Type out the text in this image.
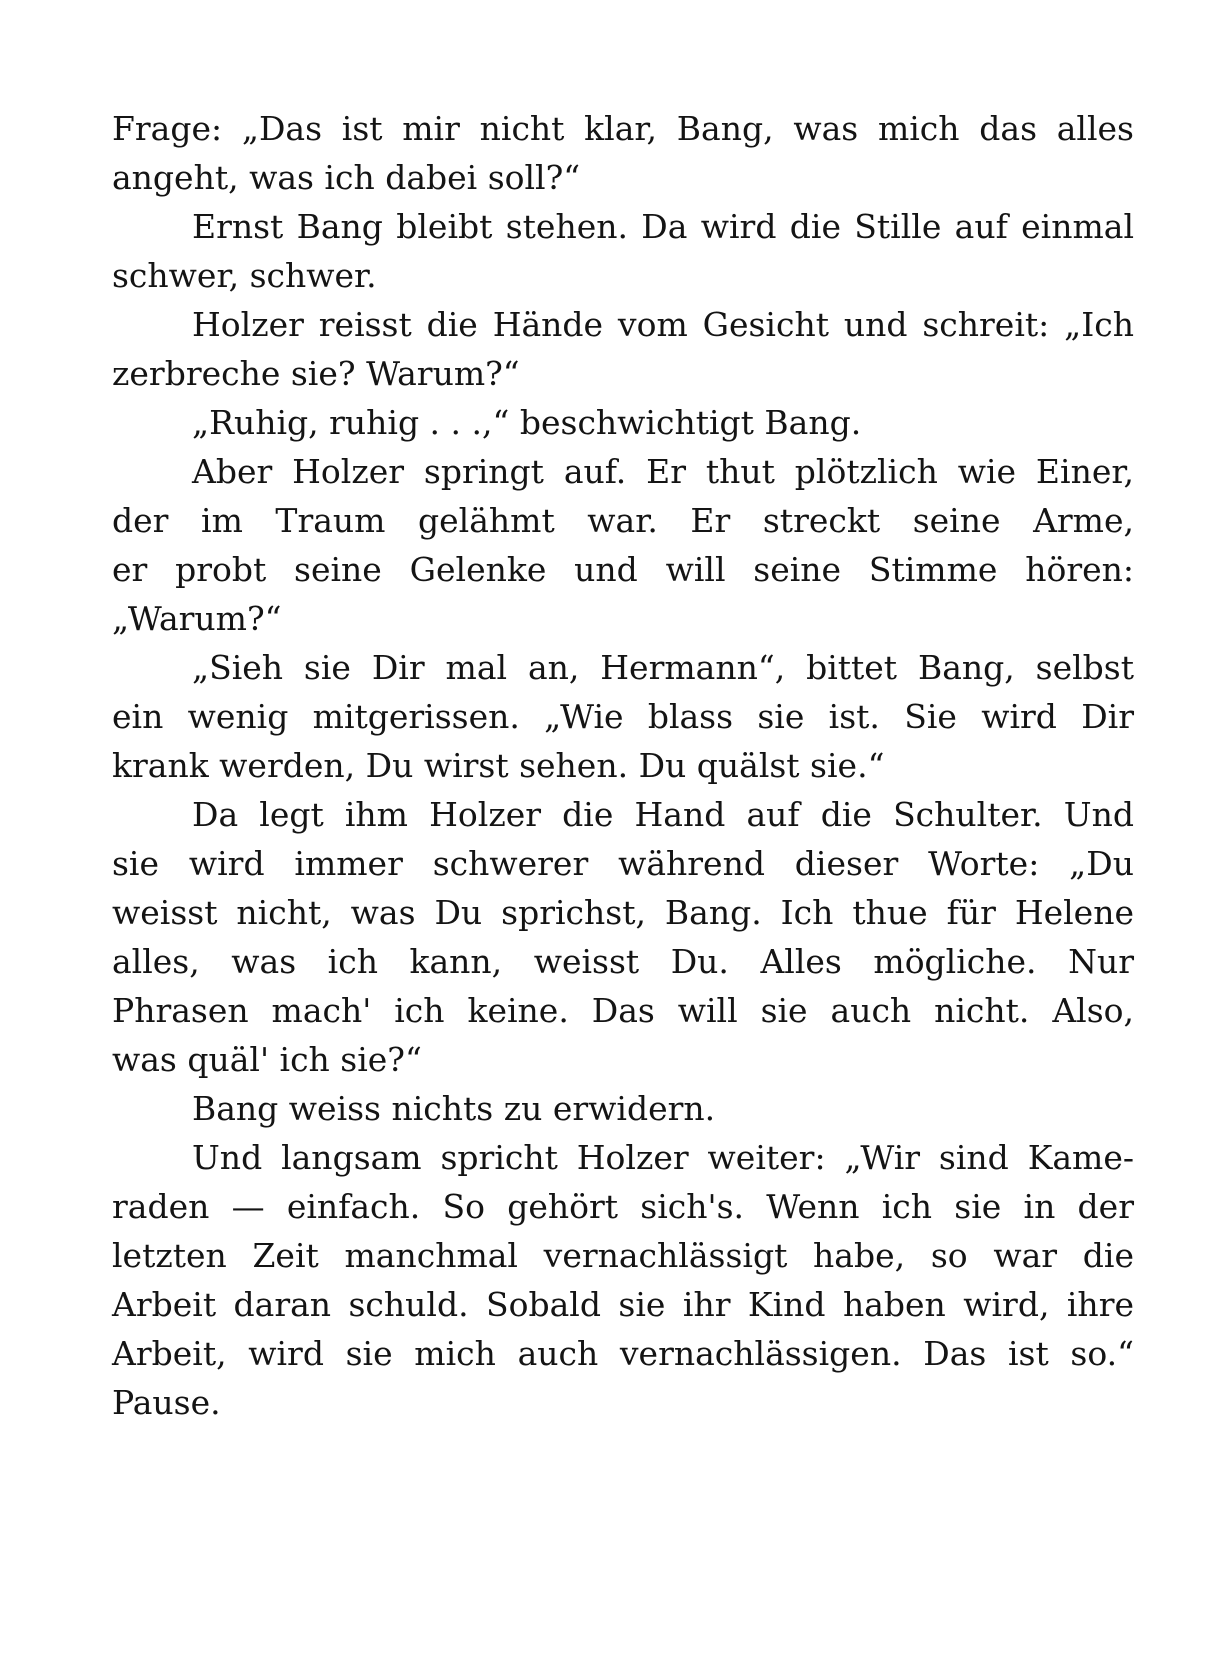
Frage: „Das ist mir nicht klar, Bang, was mich das alles
angeht, was ich dabei soll?“
Ernst Bang bleibt stehen. Da wird die Stille auf einmal
schwer, schwer.
Holzer reisst die Hände vom Gesicht und schreit: „Ich
zerbreche sie? Warum?“
„Ruhig, ruhig . . .,“ beschwichtigt Bang.
Aber Holzer springt auf. Er thut plötzlich wie Einer,
der im Traum gelähmt war. Er streckt seine Arme,
er probt seine Gelenke und will seine Stimme hören:
„Warum?“
„Sieh sie Dir mal an, Hermann“, bittet Bang, selbst
ein wenig mitgerissen. „Wie blass sie ist. Sie wird Dir
krank werden, Du wirst sehen. Du quälst sie.“
Da legt ihm Holzer die Hand auf die Schulter. Und
sie wird immer schwerer während dieser Worte: „Du
weisst nicht, was Du sprichst, Bang. Ich thue für Helene
alles, was ich kann, weisst Du. Alles mögliche. Nur
Phrasen mach' ich keine. Das will sie auch nicht. Also,
was quäl' ich sie?“
Bang weiss nichts zu erwidern.
Und langsam spricht Holzer weiter: „Wir sind Kame-
raden — einfach. So gehört sich's. Wenn ich sie in der
letzten Zeit manchmal vernachlässigt habe, so war die
Arbeit daran schuld. Sobald sie ihr Kind haben wird, ihre
Arbeit, wird sie mich auch vernachlässigen. Das ist so.“
Pause.
